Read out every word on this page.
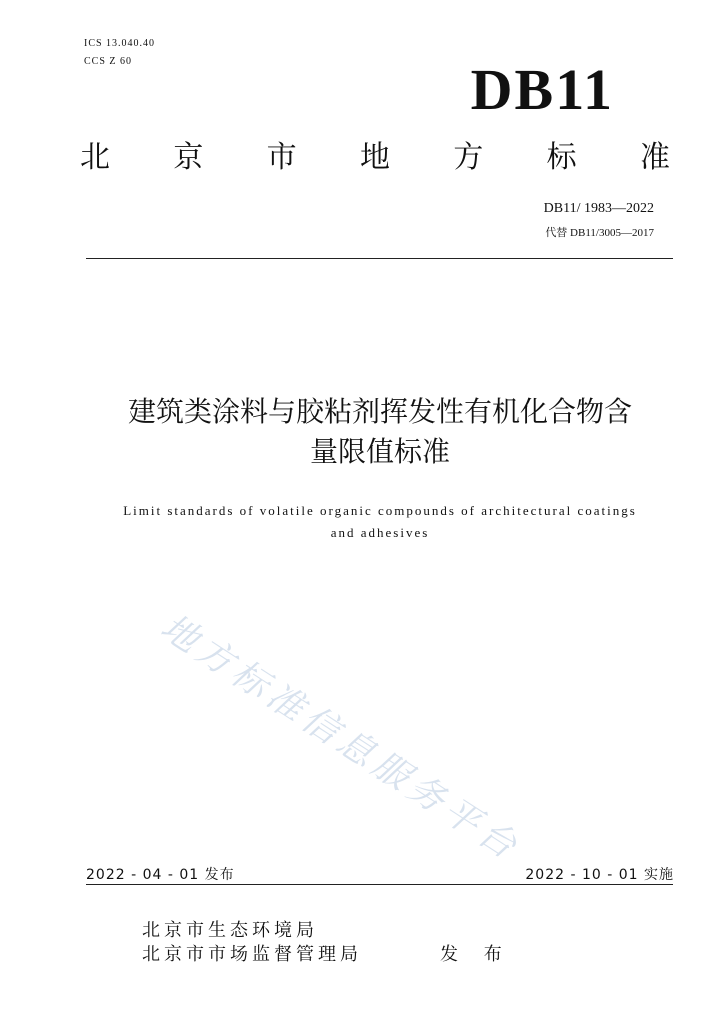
ICS 13.040.40
CCS Z 60	DB11
北 京 市 地 方 标 准
DB11/ 1983—2022
代替 DB11/3005—2017
建筑类涂料与胶粘剂挥发性有机化合物含
量限值标准
Limit standards of volatile organic compounds of architectural coatings
and adhesives
地方标准信息服务平台
2022 - 04 - 01 发布	2022 - 10 - 01 实施
北京市生态环境局
北京市市场监督管理局	发 布
